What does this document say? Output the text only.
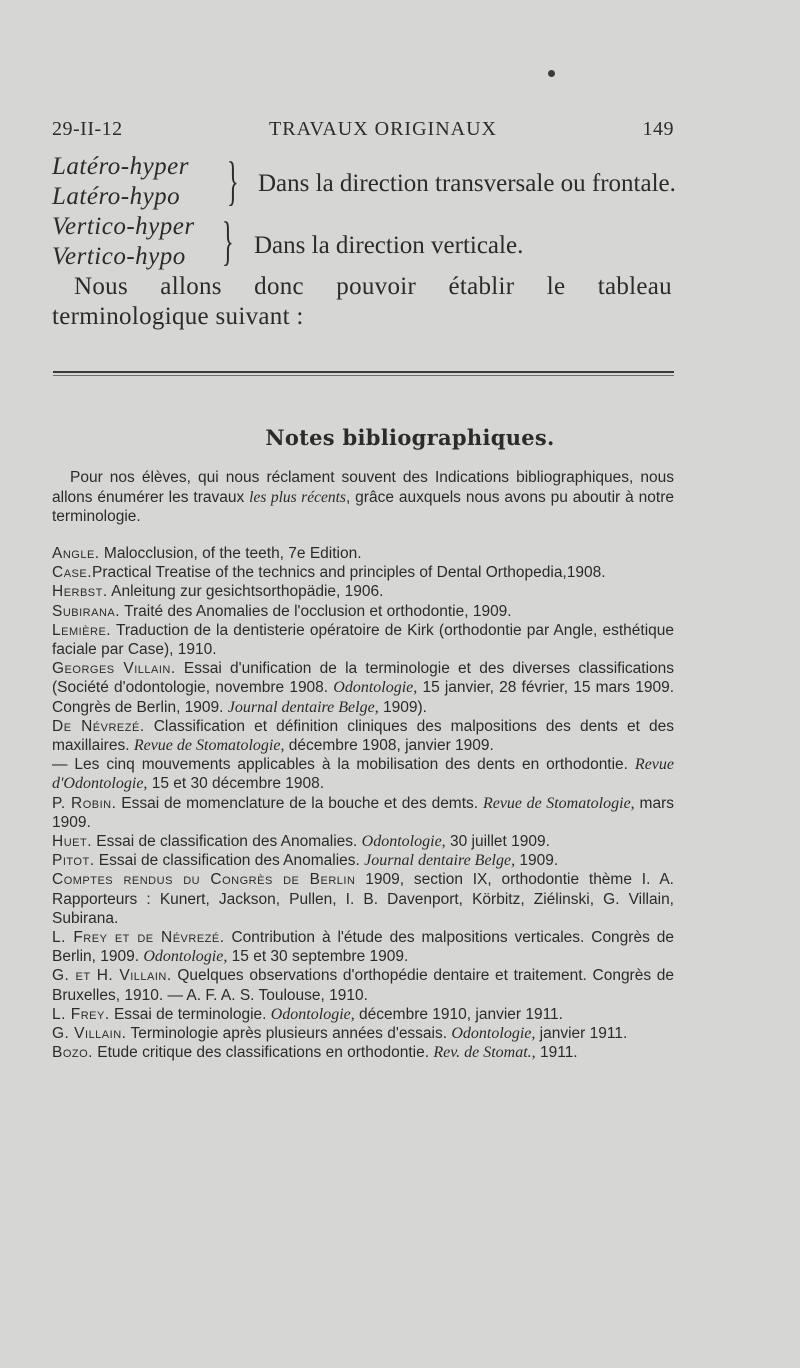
29-II-12	TRAVAUX ORIGINAUX	149
Latéro-hyper
Latéro-hypo } Dans la direction transversale ou frontale.
Vertico-hyper
Vertico-hypo } Dans la direction verticale.
Nous allons donc pouvoir établir le tableau terminologique suivant :
Notes bibliographiques.
Pour nos élèves, qui nous réclament souvent des Indications bibliographiques, nous allons énumérer les travaux les plus récents, grâce auxquels nous avons pu aboutir à notre terminologie.
Angle. Malocclusion, of the teeth, 7e Edition.
Case.Practical Treatise of the technics and principles of Dental Orthopedia,1908.
Herbst. Anleitung zur gesichtsorthopädie, 1906.
Subirana. Traité des Anomalies de l'occlusion et orthodontie, 1909.
Lemière. Traduction de la dentisterie opératoire de Kirk (orthodontie par Angle, esthétique faciale par Case), 1910.
Georges Villain. Essai d'unification de la terminologie et des diverses classifications (Société d'odontologie, novembre 1908. Odontologie, 15 janvier, 28 février, 15 mars 1909. Congrès de Berlin, 1909. Journal dentaire Belge, 1909).
De Névrezé. Classification et définition cliniques des malpositions des dents et des maxillaires. Revue de Stomatologie, décembre 1908, janvier 1909.
— Les cinq mouvements applicables à la mobilisation des dents en orthodontie. Revue d'Odontologie, 15 et 30 décembre 1908.
P. Robin. Essai de momenclature de la bouche et des demts. Revue de Stomatologie, mars 1909.
Huet. Essai de classification des Anomalies. Odontologie, 30 juillet 1909.
Pitot. Essai de classification des Anomalies. Journal dentaire Belge, 1909.
Comptes rendus du Congrès de Berlin 1909, section IX, orthodontie thème I. A. Rapporteurs : Kunert, Jackson, Pullen, I. B. Davenport, Körbitz, Ziélinski, G. Villain, Subirana.
L. Frey et de Névrezé. Contribution à l'étude des malpositions verticales. Congrès de Berlin, 1909. Odontologie, 15 et 30 septembre 1909.
G. et H. Villain. Quelques observations d'orthopédie dentaire et traitement. Congrès de Bruxelles, 1910. — A. F. A. S. Toulouse, 1910.
L. Frey. Essai de terminologie. Odontologie, décembre 1910, janvier 1911.
G. Villain. Terminologie après plusieurs années d'essais. Odontologie, janvier 1911.
Bozo. Etude critique des classifications en orthodontie. Rev. de Stomat., 1911.
